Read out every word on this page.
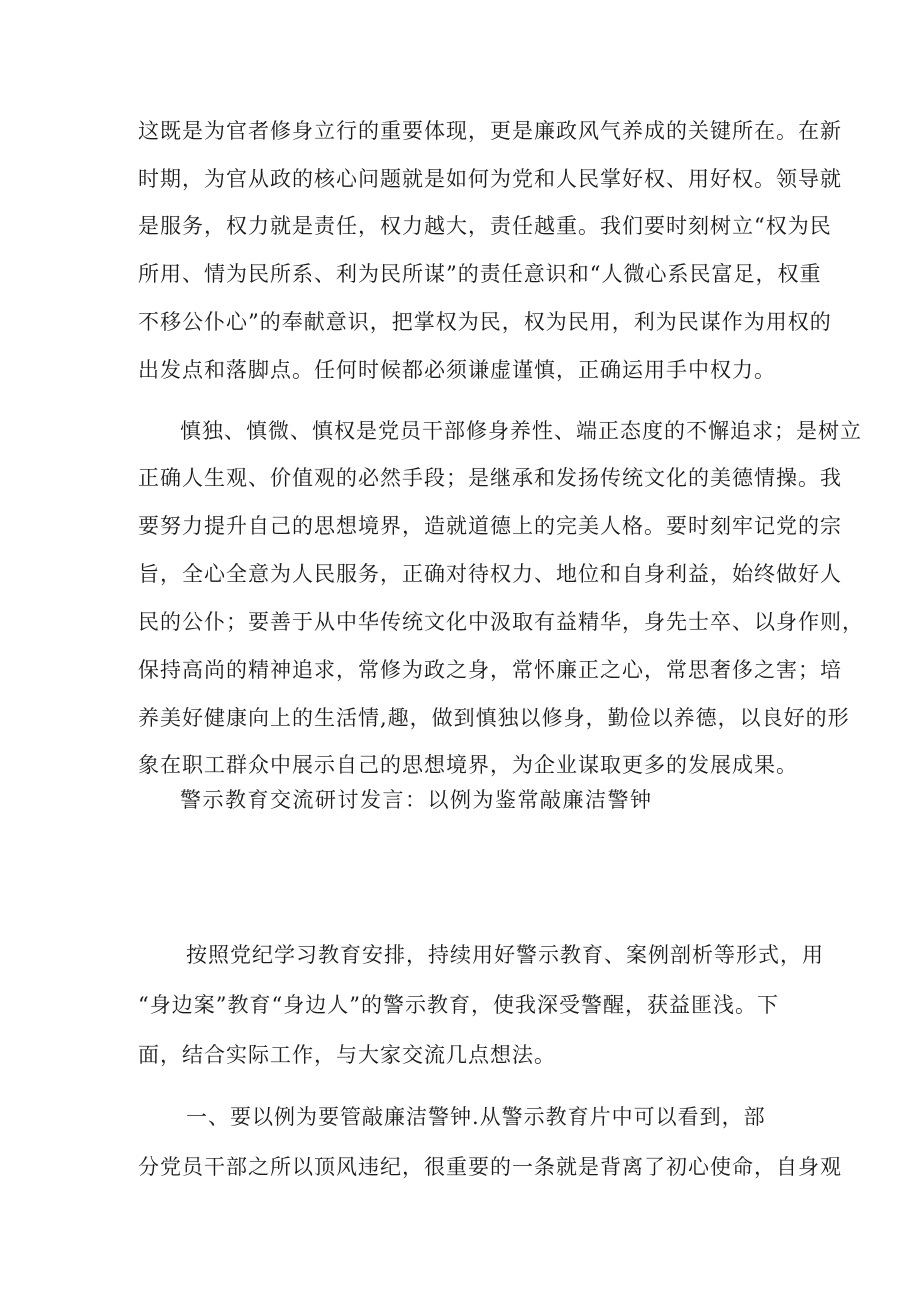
这既是为官者修身立行的重要体现，更是廉政风气养成的关键所在。在新
时期，为官从政的核心问题就是如何为党和人民掌好权、用好权。领导就
是服务，权力就是责任，权力越大，责任越重。我们要时刻树立“权为民
所用、情为民所系、利为民所谋”的责任意识和“人微心系民富足，权重
不移公仆心”的奉献意识，把掌权为民，权为民用，利为民谋作为用权的
出发点和落脚点。任何时候都必须谦虚谨慎，正确运用手中权力。
慎独、慎微、慎权是党员干部修身养性、端正态度的不懈追求；是树立
正确人生观、价值观的必然手段；是继承和发扬传统文化的美德情操。我
要努力提升自己的思想境界，造就道德上的完美人格。要时刻牢记党的宗
旨，全心全意为人民服务，正确对待权力、地位和自身利益，始终做好人
民的公仆；要善于从中华传统文化中汲取有益精华，身先士卒、以身作则，
保持高尚的精神追求，常修为政之身，常怀廉正之心，常思奢侈之害；培
养美好健康向上的生活情,趣，做到慎独以修身，勤俭以养德，以良好的形
象在职工群众中展示自己的思想境界，为企业谋取更多的发展成果。
警示教育交流研讨发言：以例为鉴常敲廉洁警钟
按照党纪学习教育安排，持续用好警示教育、案例剖析等形式，用
“身边案”教育“身边人”的警示教育，使我深受警醒，获益匪浅。下
面，结合实际工作，与大家交流几点想法。
一、要以例为要管敲廉洁警钟.从警示教育片中可以看到，部
分党员干部之所以顶风违纪，很重要的一条就是背离了初心使命，自身观
